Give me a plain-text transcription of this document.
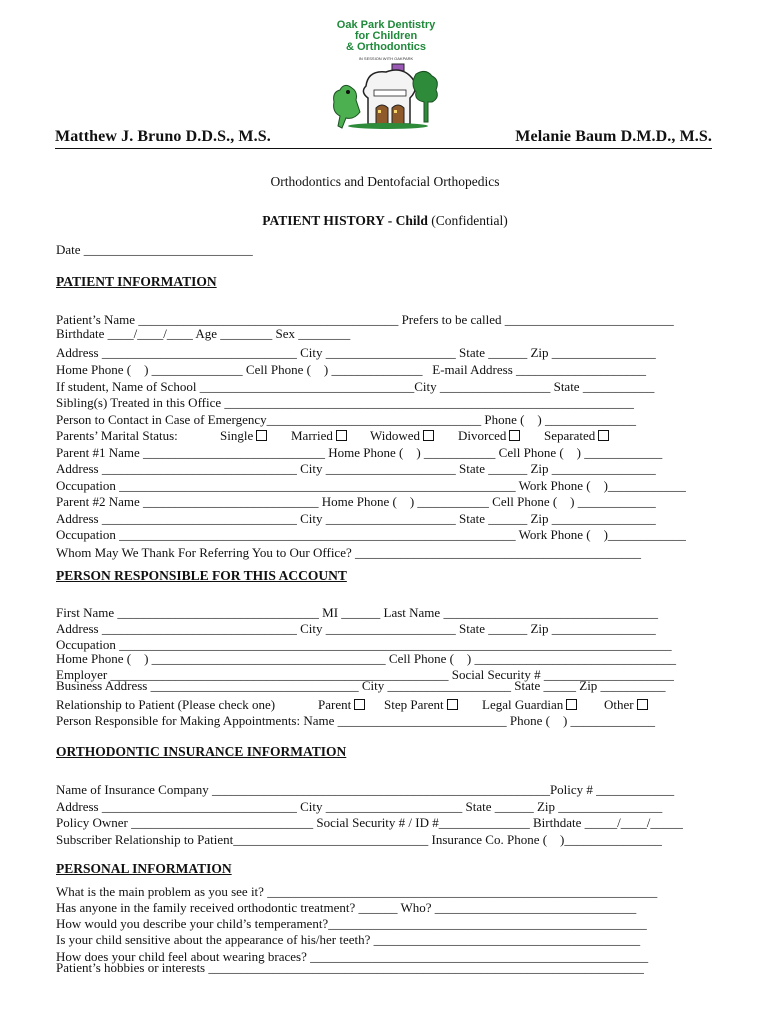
Oak Park Dentistry
for Children
& Orthodontics
IN SESSION WITH OAKPARK
Matthew J. Bruno D.D.S., M.S.	Melanie Baum D.M.D., M.S.
Orthodontics and Dentofacial Orthopedics
PATIENT HISTORY - Child (Confidential)
Date __________________________
PATIENT INFORMATION
Patient’s Name ________________________________________ Prefers to be called __________________________
Birthdate ____/____/____ Age ________ Sex ________
Address ______________________________ City ____________________ State ______ Zip ________________
Home Phone (    ) ______________ Cell Phone (    ) ______________   E-mail Address ____________________
If student, Name of School _________________________________City _________________ State ___________
Sibling(s) Treated in this Office _______________________________________________________________
Person to Contact in Case of Emergency_________________________________ Phone (    ) ______________

Parents’ Marital Status:

	Single

	Married

	Widowed

	Divorced

	Separated

Parent #1 Name ____________________________ Home Phone (    ) ___________ Cell Phone (    ) ____________
Address ______________________________ City ____________________ State ______ Zip ________________
Occupation _____________________________________________________________ Work Phone (    )____________
Parent #2 Name ___________________________ Home Phone (    ) ___________ Cell Phone (    ) ____________
Address ______________________________ City ____________________ State ______ Zip ________________
Occupation _____________________________________________________________ Work Phone (    )____________
Whom May We Thank For Referring You to Our Office? ____________________________________________
PERSON RESPONSIBLE FOR THIS ACCOUNT
First Name _______________________________ MI ______ Last Name _________________________________
Address ______________________________ City ____________________ State ______ Zip ________________
Occupation _____________________________________________________________________________________
Home Phone (    ) ____________________________________ Cell Phone (    ) _______________________________
Employer ____________________________________________________ Social Security # ____________________
Business Address ________________________________ City ___________________ State _____ Zip __________

Relationship to Patient (Please check one)

	Parent

	Step Parent

	Legal Guardian

	Other

Person Responsible for Making Appointments: Name __________________________ Phone (    ) _____________
ORTHODONTIC INSURANCE INFORMATION
Name of Insurance Company ____________________________________________________Policy # ____________
Address ______________________________ City _____________________ State ______ Zip ________________
Policy Owner ____________________________ Social Security # / ID #______________ Birthdate _____/____/_____
Subscriber Relationship to Patient______________________________ Insurance Co. Phone (    )_______________
PERSONAL INFORMATION
What is the main problem as you see it? ____________________________________________________________
Has anyone in the family received orthodontic treatment? ______ Who? _______________________________
How would you describe your child’s temperament?_________________________________________________
Is your child sensitive about the appearance of his/her teeth? _________________________________________
How does your child feel about wearing braces? ____________________________________________________
Patient’s hobbies or interests ___________________________________________________________________
